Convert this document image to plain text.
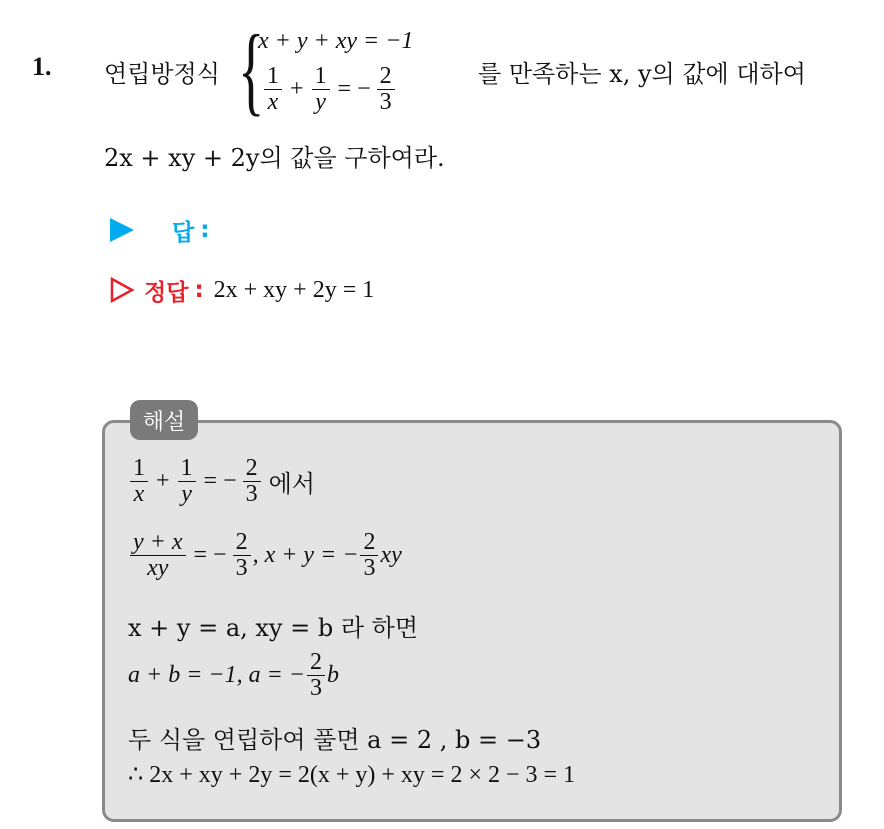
1. 연립방정식 {
x + y + xy = −1
$\frac{1}{x} + \frac{1}{y}$ = − $\frac{2}{3}$	를 만족하는 x, y의 값에 대하여
2x + xy + 2y의 값을 구하여라.
답 :
정답 : 2x + xy + 2y = 1
해설
$\frac{1}{x} + \frac{1}{y}$ = − $\frac{2}{3}$ 에서
$\frac{y + x}{xy}$ = − $\frac{2}{3}$ , x + y = − $\frac{2}{3}$ xy
x + y = a, xy = b 라 하면
a + b = −1, a = − $\frac{2}{3}$ b
두 식을 연립하여 풀면 a = 2 , b = −3
∴ 2x + xy + 2y = 2(x + y) + xy = 2 × 2 − 3 = 1
